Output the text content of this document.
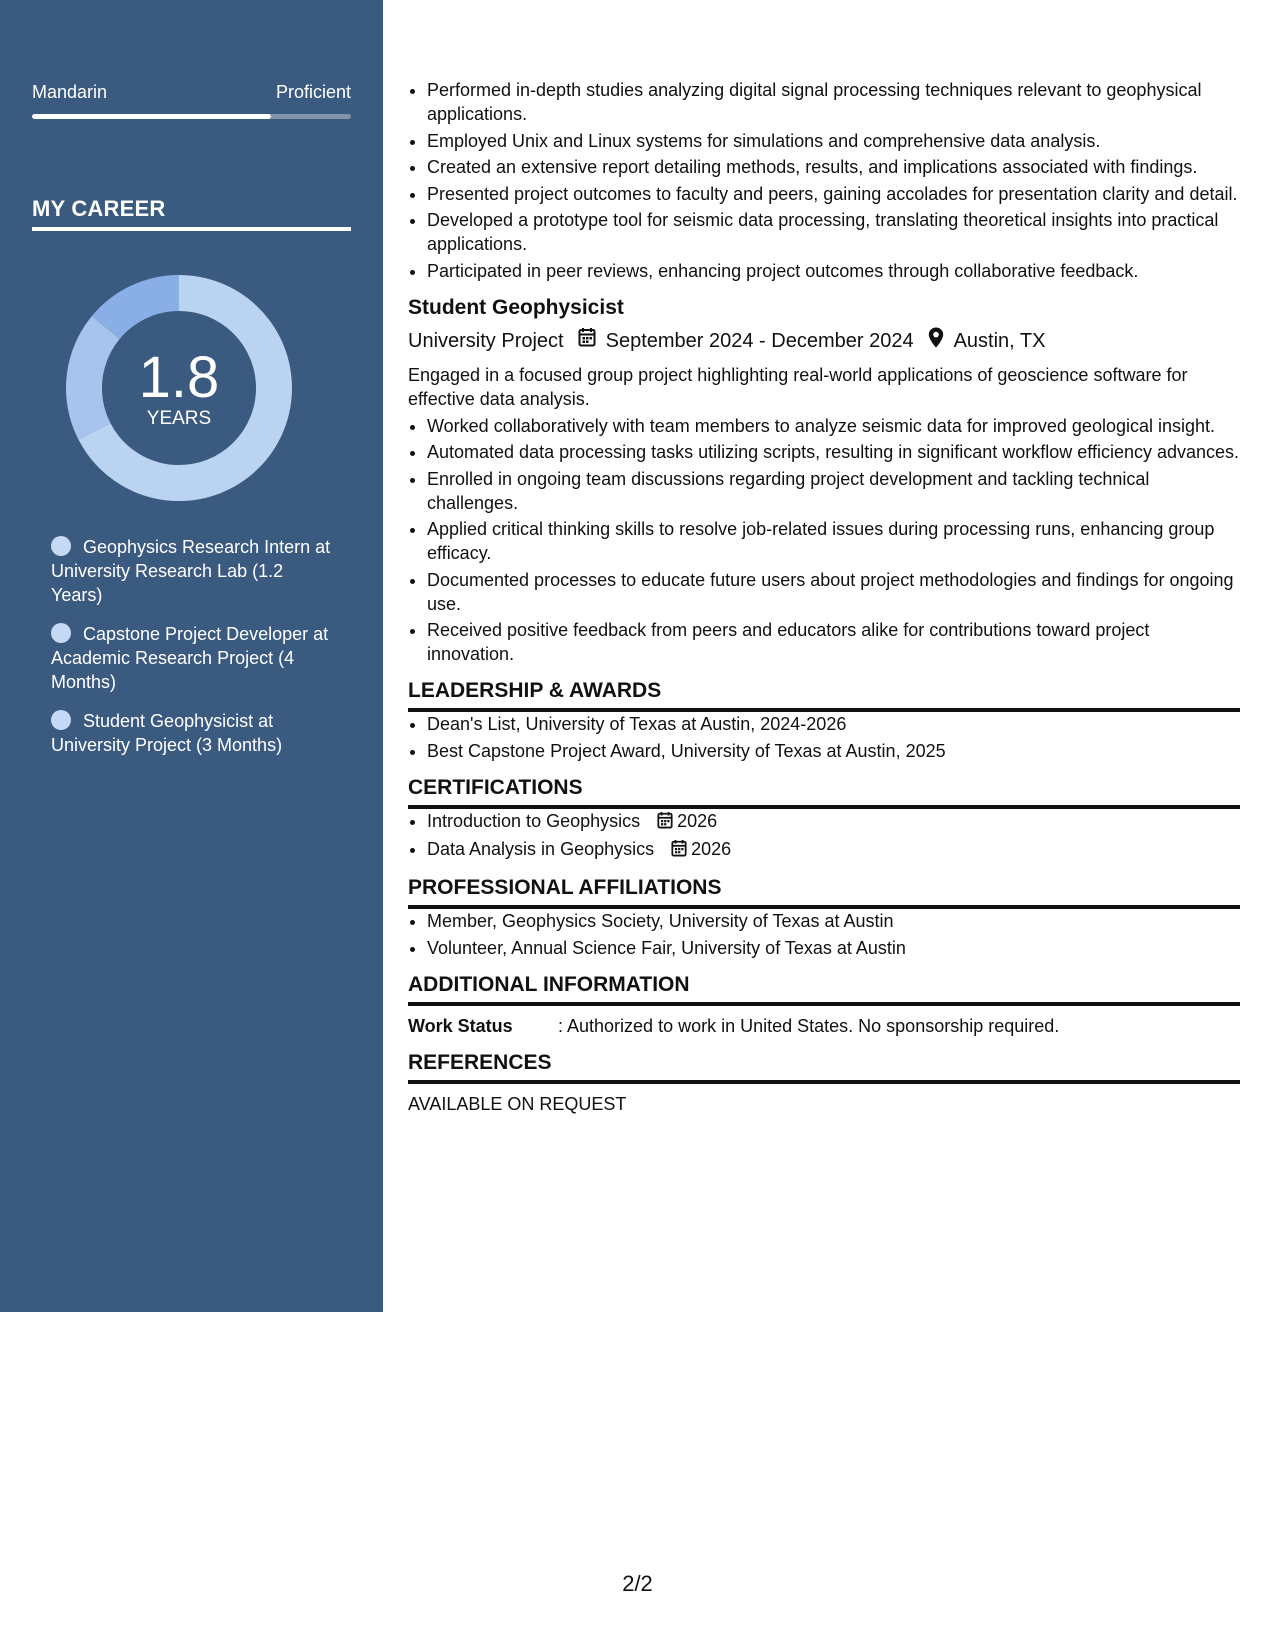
Mandarin	Proficient
MY CAREER
1.8
YEARS
Geophysics Research Intern at University Research Lab (1.2 Years)
Capstone Project Developer at Academic Research Project (4 Months)
Student Geophysicist at University Project (3 Months)
• Performed in-depth studies analyzing digital signal processing techniques relevant to geophysical applications.
• Employed Unix and Linux systems for simulations and comprehensive data analysis.
• Created an extensive report detailing methods, results, and implications associated with findings.
• Presented project outcomes to faculty and peers, gaining accolades for presentation clarity and detail.
• Developed a prototype tool for seismic data processing, translating theoretical insights into practical applications.
• Participated in peer reviews, enhancing project outcomes through collaborative feedback.
Student Geophysicist
University Project September 2024 - December 2024 Austin, TX
Engaged in a focused group project highlighting real-world applications of geoscience software for effective data analysis.
• Worked collaboratively with team members to analyze seismic data for improved geological insight.
• Automated data processing tasks utilizing scripts, resulting in significant workflow efficiency advances.
• Enrolled in ongoing team discussions regarding project development and tackling technical challenges.
• Applied critical thinking skills to resolve job-related issues during processing runs, enhancing group efficacy.
• Documented processes to educate future users about project methodologies and findings for ongoing use.
• Received positive feedback from peers and educators alike for contributions toward project innovation.
LEADERSHIP & AWARDS
• Dean's List, University of Texas at Austin, 2024-2026
• Best Capstone Project Award, University of Texas at Austin, 2025
CERTIFICATIONS
• Introduction to Geophysics 2026
• Data Analysis in Geophysics 2026
PROFESSIONAL AFFILIATIONS
• Member, Geophysics Society, University of Texas at Austin
• Volunteer, Annual Science Fair, University of Texas at Austin
ADDITIONAL INFORMATION
Work Status	: Authorized to work in United States. No sponsorship required.
REFERENCES
AVAILABLE ON REQUEST
2/2
